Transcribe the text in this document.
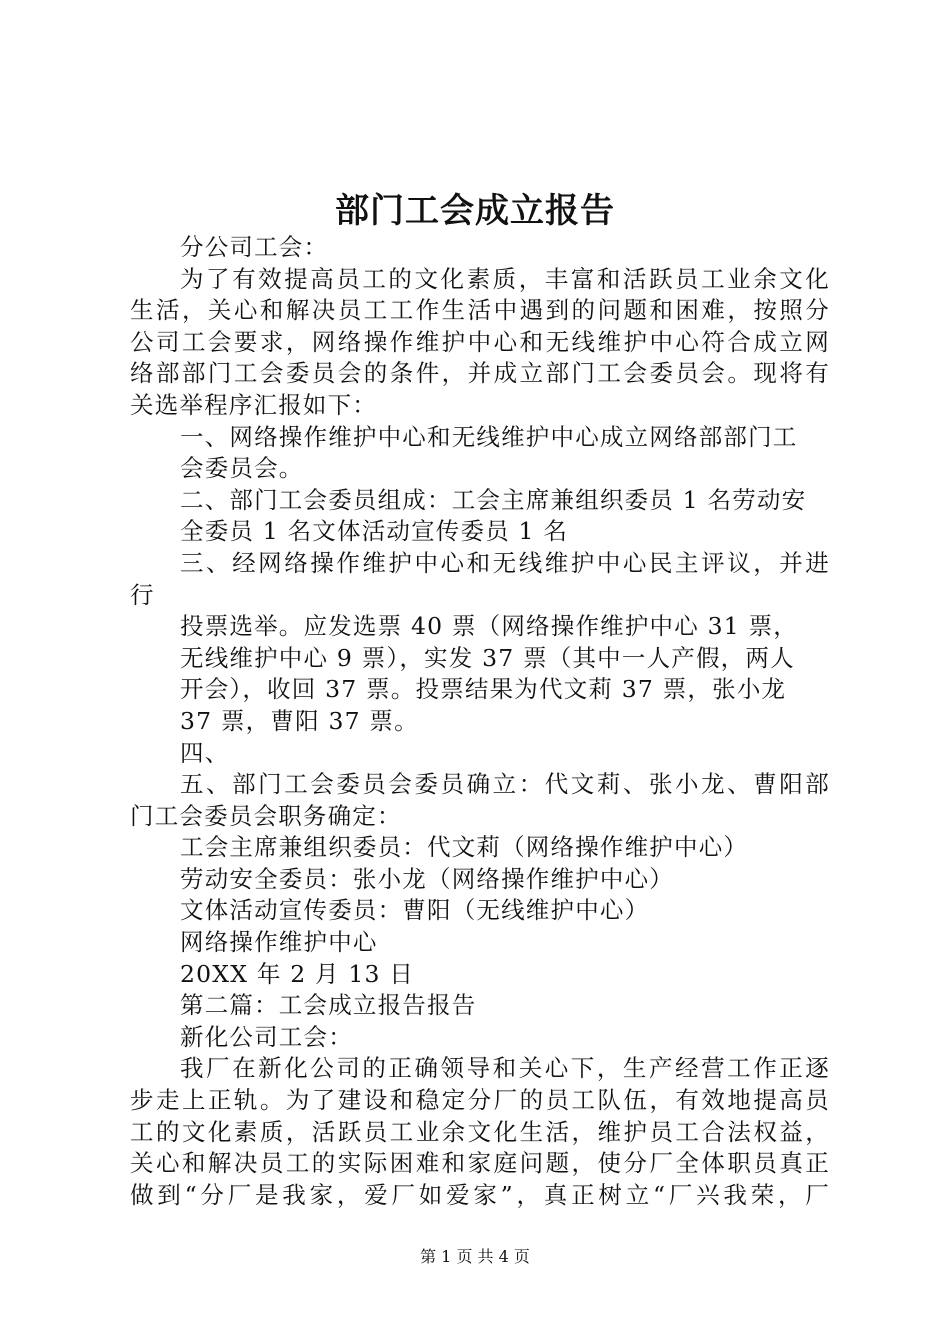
部门工会成立报告
分公司工会：
为了有效提高员工的文化素质，丰富和活跃员工业余文化
生活，关心和解决员工工作生活中遇到的问题和困难，按照分
公司工会要求，网络操作维护中心和无线维护中心符合成立网
络部部门工会委员会的条件，并成立部门工会委员会。现将有
关选举程序汇报如下：
一、网络操作维护中心和无线维护中心成立网络部部门工
会委员会。
二、部门工会委员组成：工会主席兼组织委员 1 名劳动安
全委员 1 名文体活动宣传委员 1 名
三、经网络操作维护中心和无线维护中心民主评议，并进
行
投票选举。应发选票 40 票（网络操作维护中心 31 票，
无线维护中心 9 票），实发 37 票（其中一人产假，两人
开会），收回 37 票。投票结果为代文莉 37 票，张小龙
37 票，曹阳 37 票。
四、
五、部门工会委员会委员确立：代文莉、张小龙、曹阳部
门工会委员会职务确定：
工会主席兼组织委员：代文莉（网络操作维护中心）
劳动安全委员：张小龙（网络操作维护中心）
文体活动宣传委员：曹阳（无线维护中心）
网络操作维护中心
20XX 年 2 月 13 日
第二篇：工会成立报告报告
新化公司工会：
我厂在新化公司的正确领导和关心下，生产经营工作正逐
步走上正轨。为了建设和稳定分厂的员工队伍，有效地提高员
工的文化素质，活跃员工业余文化生活，维护员工合法权益，
关心和解决员工的实际困难和家庭问题，使分厂全体职员真正
做到“分厂是我家，爱厂如爱家”，真正树立“厂兴我荣，厂
第 1 页 共 4 页
